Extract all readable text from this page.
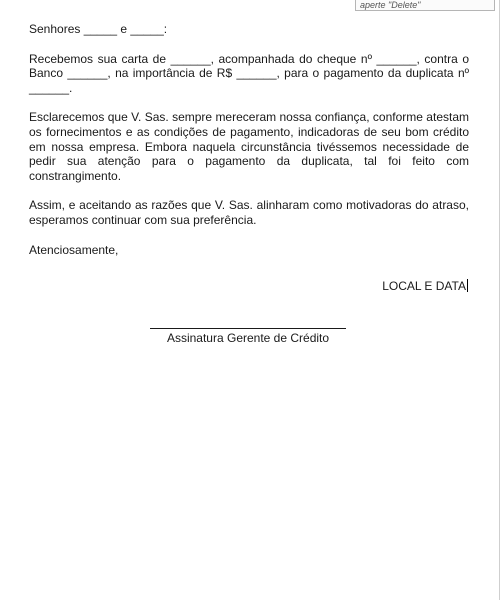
aperte "Delete"

Senhores _____ e _____:

Recebemos sua carta de ______, acompanhada do cheque nº ______, contra o Banco ______, na importância de R$ ______, para o pagamento da duplicata nº ______.

Esclarecemos que V. Sas. sempre mereceram nossa confiança, conforme atestam os fornecimentos e as condições de pagamento, indicadoras de seu bom crédito em nossa empresa. Embora naquela circunstância tivéssemos necessidade de pedir sua atenção para o pagamento da duplicata, tal foi feito com constrangimento.

Assim, e aceitando as razões que V. Sas. alinharam como motivadoras do atraso, esperamos continuar com sua preferência.

Atenciosamente,

LOCAL E DATA

Assinatura Gerente de Crédito
